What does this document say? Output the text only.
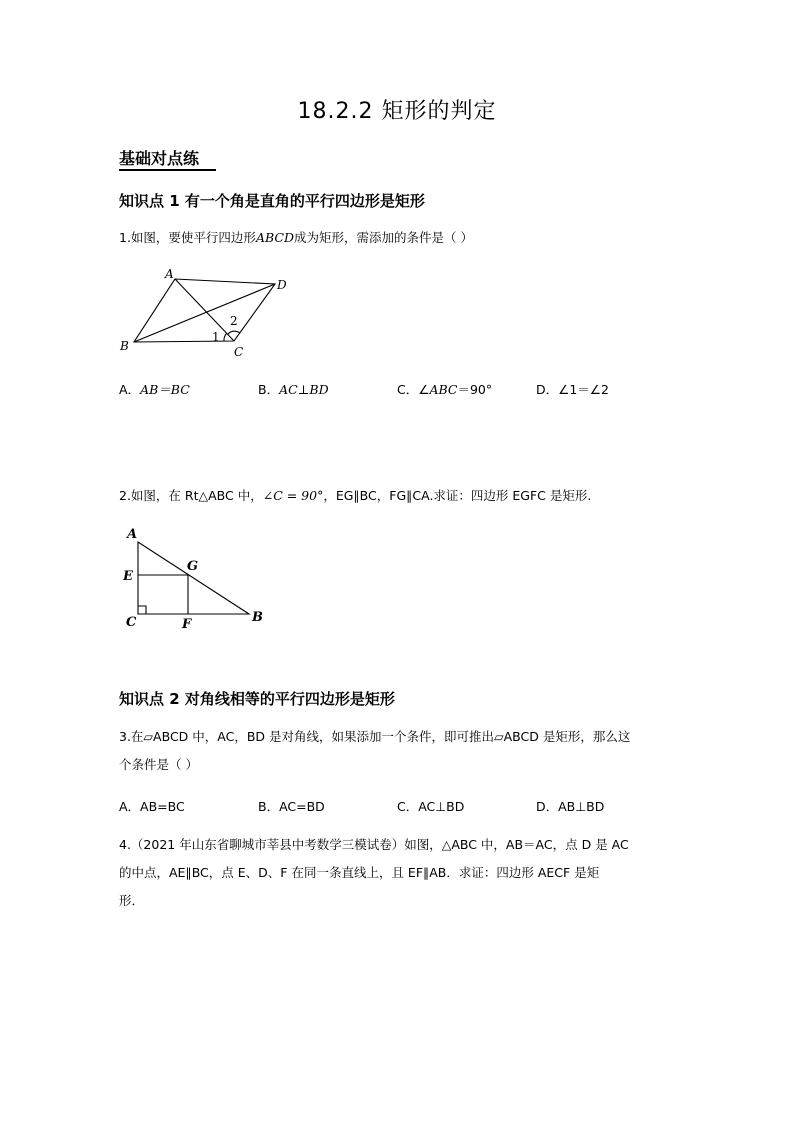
18.2.2 矩形的判定
基础对点练
知识点 1 有一个角是直角的平行四边形是矩形
1.如图，要使平行四边形ABCD成为矩形，需添加的条件是（ ）
A
D
B	C
1
2
A．AB＝BC	B．AC⊥BD	C．∠ABC＝90°	D．∠1＝∠2
2.如图，在 Rt△ABC 中，∠C = 90°，EG∥BC，FG∥CA.求证：四边形 EGFC 是矩形.
A
E
G
C	F	B
知识点 2 对角线相等的平行四边形是矩形
3.在▱ABCD 中，AC，BD 是对角线，如果添加一个条件，即可推出▱ABCD 是矩形，那么这
个条件是（ ）
A．AB=BC	B．AC=BD	C．AC⊥BD	D．AB⊥BD
4.（2021 年山东省聊城市莘县中考数学三模试卷）如图，△ABC 中，AB＝AC，点 D 是 AC
的中点，AE∥BC，点 E、D、F 在同一条直线上，且 EF∥AB．求证：四边形 AECF 是矩
形．
